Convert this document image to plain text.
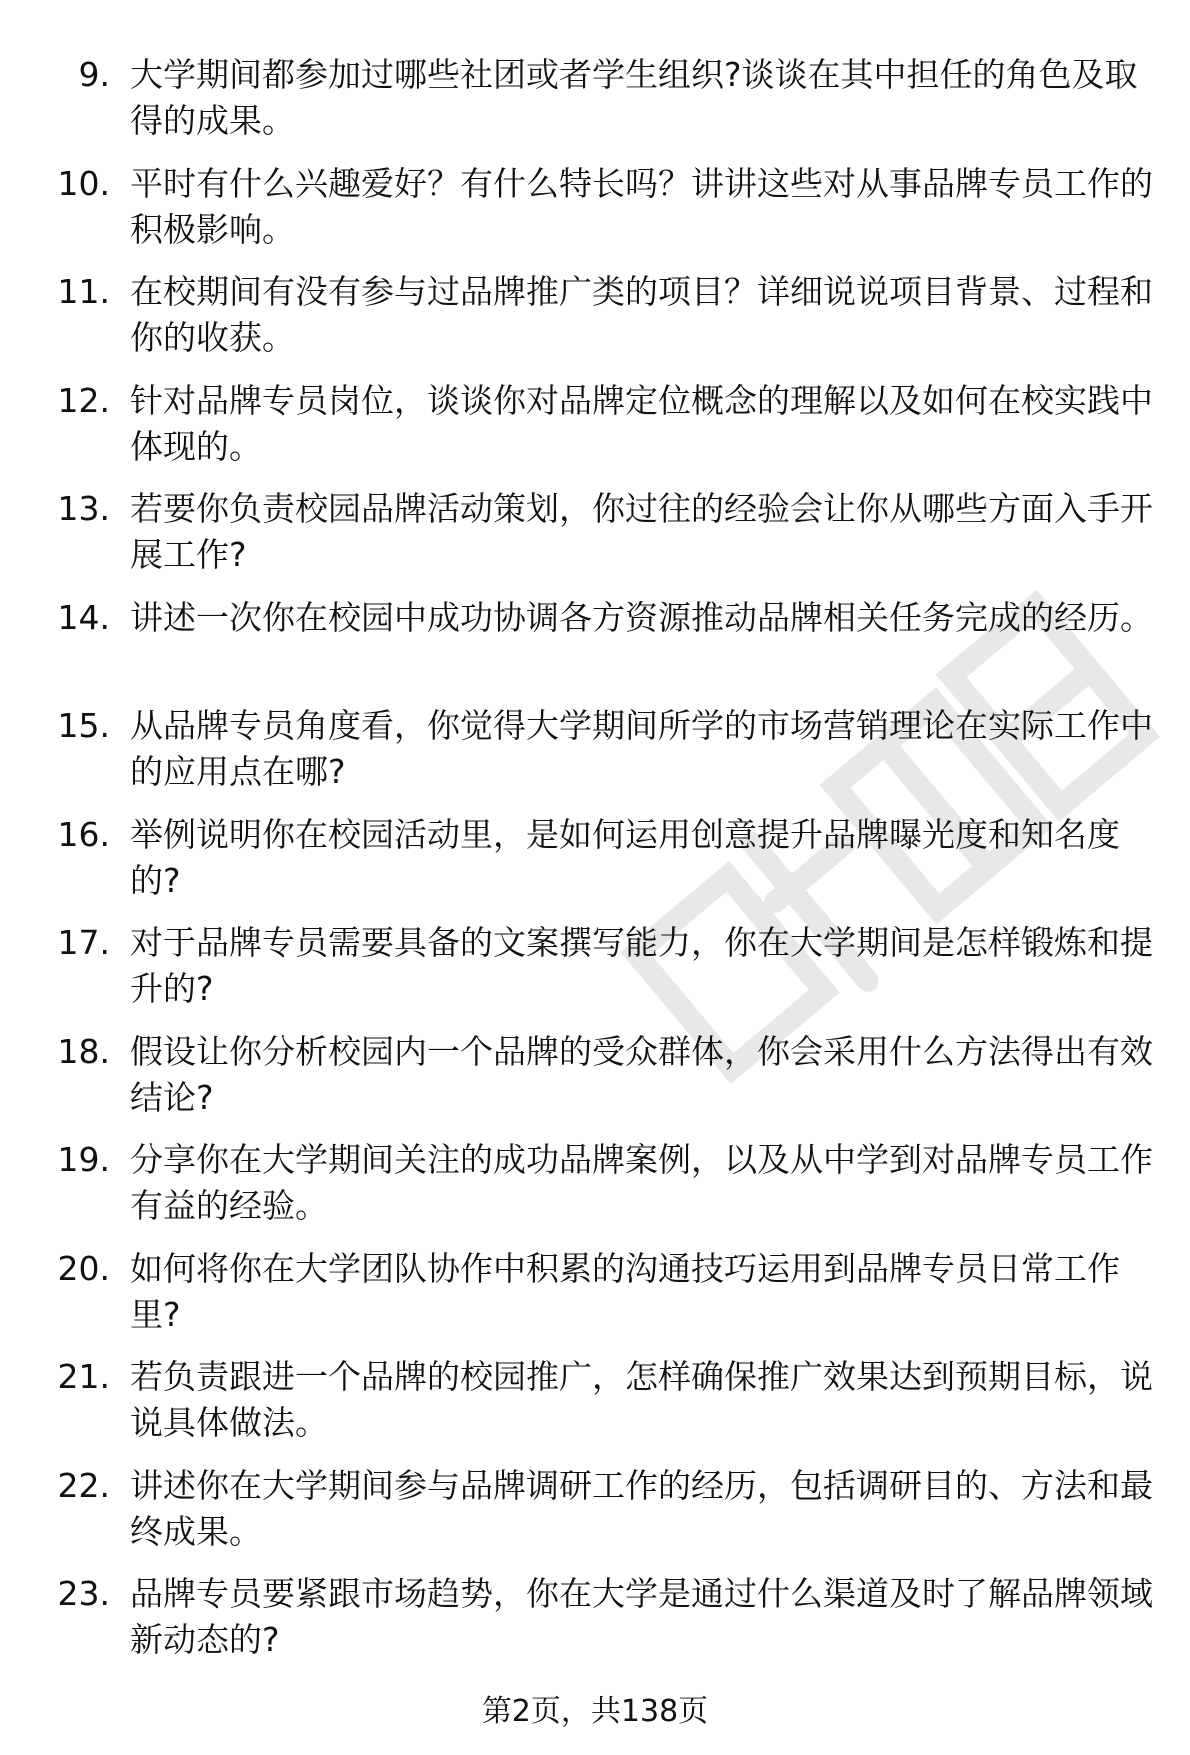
9. 大学期间都参加过哪些社团或者学生组织?谈谈在其中担任的角色及取得的成果。
10. 平时有什么兴趣爱好？有什么特长吗？讲讲这些对从事品牌专员工作的积极影响。
11. 在校期间有没有参与过品牌推广类的项目？详细说说项目背景、过程和你的收获。
12. 针对品牌专员岗位，谈谈你对品牌定位概念的理解以及如何在校实践中体现的。
13. 若要你负责校园品牌活动策划，你过往的经验会让你从哪些方面入手开展工作?
14. 讲述一次你在校园中成功协调各方资源推动品牌相关任务完成的经历。
15. 从品牌专员角度看，你觉得大学期间所学的市场营销理论在实际工作中的应用点在哪?
16. 举例说明你在校园活动里，是如何运用创意提升品牌曝光度和知名度的?
17. 对于品牌专员需要具备的文案撰写能力，你在大学期间是怎样锻炼和提升的?
18. 假设让你分析校园内一个品牌的受众群体，你会采用什么方法得出有效结论?
19. 分享你在大学期间关注的成功品牌案例，以及从中学到对品牌专员工作有益的经验。
20. 如何将你在大学团队协作中积累的沟通技巧运用到品牌专员日常工作里?
21. 若负责跟进一个品牌的校园推广，怎样确保推广效果达到预期目标，说说具体做法。
22. 讲述你在大学期间参与品牌调研工作的经历，包括调研目的、方法和最终成果。
23. 品牌专员要紧跟市场趋势，你在大学是通过什么渠道及时了解品牌领域新动态的?
第2页，共138页
